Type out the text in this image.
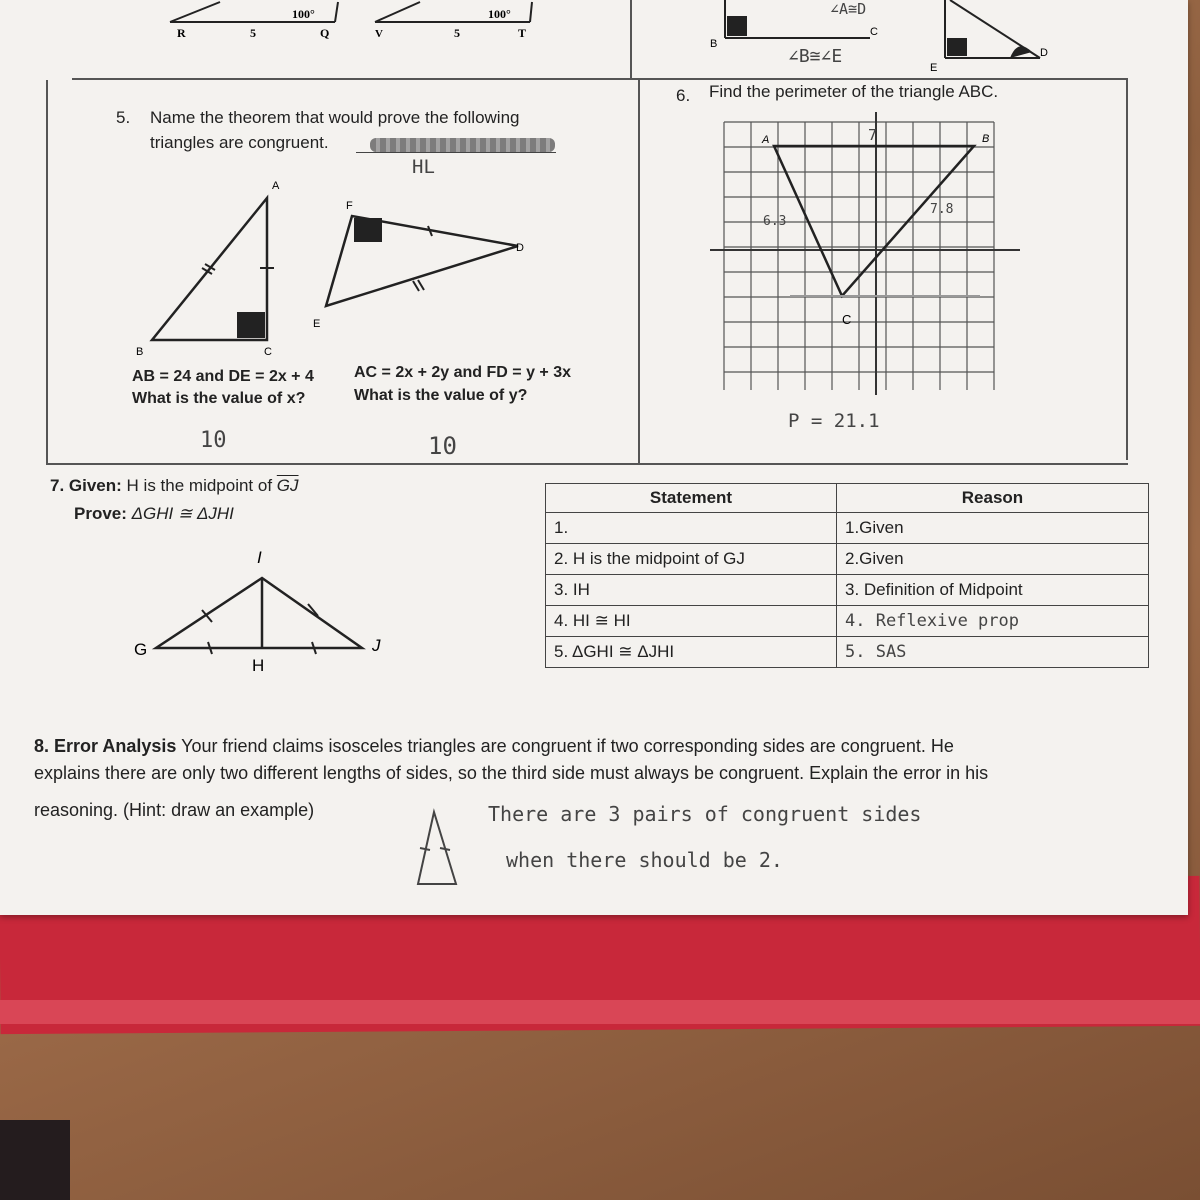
100°	100°
R	5	Q	V	5	T
∠A≅D
C
B
∠B≅∠E
E
D
5. Name the theorem that would prove the following
triangles are congruent.
HL
A
B	C
D
E
F
AB = 24 and DE = 2x + 4
What is the value of x?
AC = 2x + 2y and FD = y + 3x
What is the value of y?
10	10
6. Find the perimeter of the triangle ABC.
A	B
C
7
6.3
7.8
P = 21.1
7. Given: H is the midpoint of $\overline{GJ}$
Prove: ΔGHI ≅ ΔJHI
I
G
H
J
Statement	Reason
1.	1.Given
2. H is the midpoint of GJ	2.Given
3. IH	3. Definition of Midpoint
4. HI ≅ HI	4. Reflexive prop
5. ΔGHI ≅ ΔJHI	5. SAS
8. Error Analysis Your friend claims isosceles triangles are congruent if two corresponding sides are congruent. He
explains there are only two different lengths of sides, so the third side must always be congruent. Explain the error in his
reasoning. (Hint: draw an example)	There are 3 pairs of congruent sides
when there should be 2.
